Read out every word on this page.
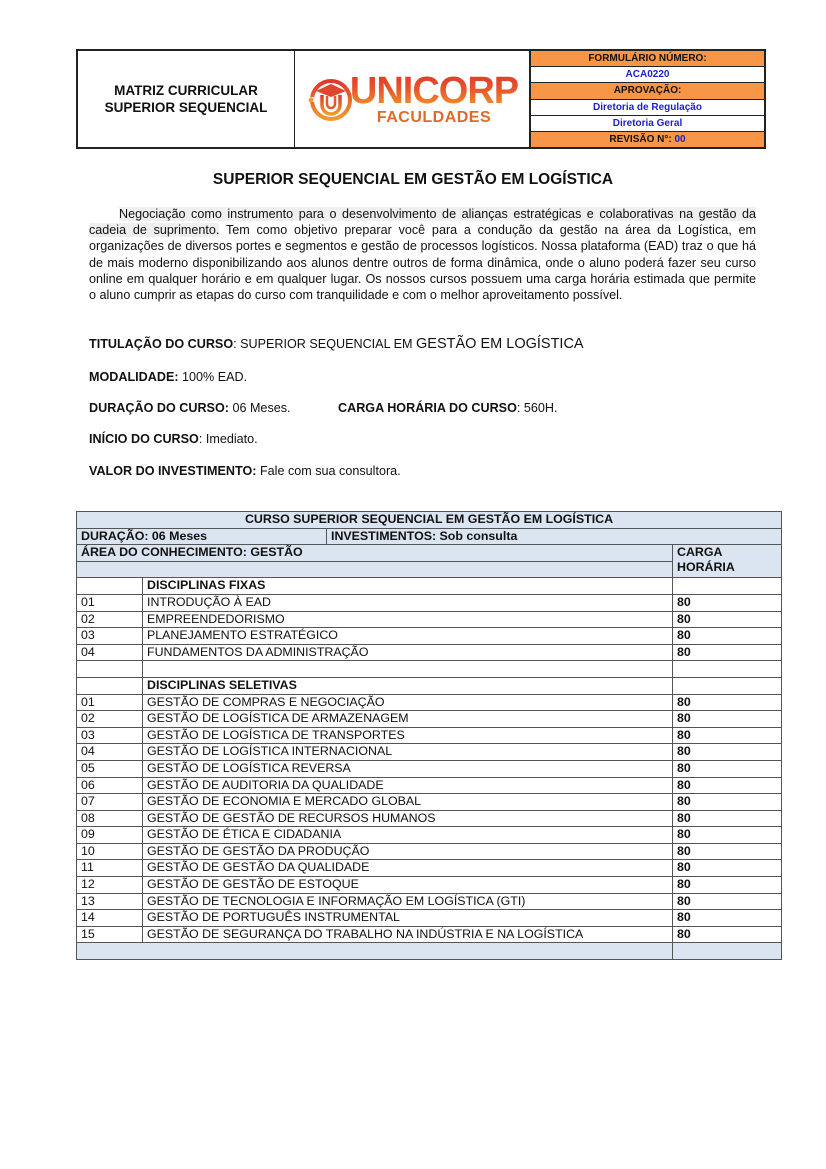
MATRIZ CURRICULAR
SUPERIOR SEQUENCIAL UNICORP
FACULDADES
FORMULÁRIO NÚMERO:
ACA0220
APROVAÇÃO:
Diretoria de Regulação
Diretoria Geral
REVISÃO N°:
00
SUPERIOR SEQUENCIAL EM GESTÃO EM LOGÍSTICA
Negociação como instrumento para o desenvolvimento de alianças estratégicas e colaborativas na gestão da cadeia de suprimento. Tem como objetivo preparar você para a condução da gestão na área da Logística, em organizações de diversos portes e segmentos e gestão de processos logísticos. Nossa plataforma (EAD) traz o que há de mais moderno disponibilizando aos alunos dentre outros de forma dinâmica, onde o aluno poderá fazer seu curso online em qualquer horário e em qualquer lugar. Os nossos cursos possuem uma carga horária estimada que permite o aluno cumprir as etapas do curso com tranquilidade e com o melhor aproveitamento possível.
TITULAÇÃO DO CURSO: SUPERIOR SEQUENCIAL EM GESTÃO EM LOGÍSTICA
MODALIDADE: 100% EAD.
DURAÇÃO DO CURSO: 06 Meses.	CARGA HORÁRIA DO CURSO: 560H.
INÍCIO DO CURSO: Imediato.
VALOR DO INVESTIMENTO: Fale com sua consultora.
CURSO SUPERIOR SEQUENCIAL EM GESTÃO EM LOGÍSTICA			
DURAÇÃO: 06 Meses		INVESTIMENTOS: Sob consulta	
ÁREA DO CONHECIMENTO: GESTÃO			CARGA
HORÁRIA

	DISCIPLINAS FIXAS		
01	INTRODUÇÃO À EAD		80
02	EMPREENDEDORISMO		80
03	PLANEJAMENTO ESTRATÉGICO		80
04	FUNDAMENTOS DA ADMINISTRAÇÃO		80

	DISCIPLINAS SELETIVAS		
01	GESTÃO DE COMPRAS E NEGOCIAÇÃO		80
02	GESTÃO DE LOGÍSTICA DE ARMAZENAGEM		80
03	GESTÃO DE LOGÍSTICA DE TRANSPORTES		80
04	GESTÃO DE LOGÍSTICA INTERNACIONAL		80
05	GESTÃO DE LOGÍSTICA REVERSA		80
06	GESTÃO DE AUDITORIA DA QUALIDADE		80
07	GESTÃO DE ECONOMIA E MERCADO GLOBAL		80
08	GESTÃO DE GESTÃO DE RECURSOS HUMANOS		80
09	GESTÃO DE ÉTICA E CIDADANIA		80
10	GESTÃO DE GESTÃO DA PRODUÇÃO		80
11	GESTÃO DE GESTÃO DA QUALIDADE		80
12	GESTÃO DE GESTÃO DE ESTOQUE		80
13	GESTÃO DE TECNOLOGIA E INFORMAÇÃO EM LOGÍSTICA (GTI)		80
14	GESTÃO DE PORTUGUÊS INSTRUMENTAL		80
15	GESTÃO DE SEGURANÇA DO TRABALHO NA INDÚSTRIA E NA LOGÍSTICA		80
